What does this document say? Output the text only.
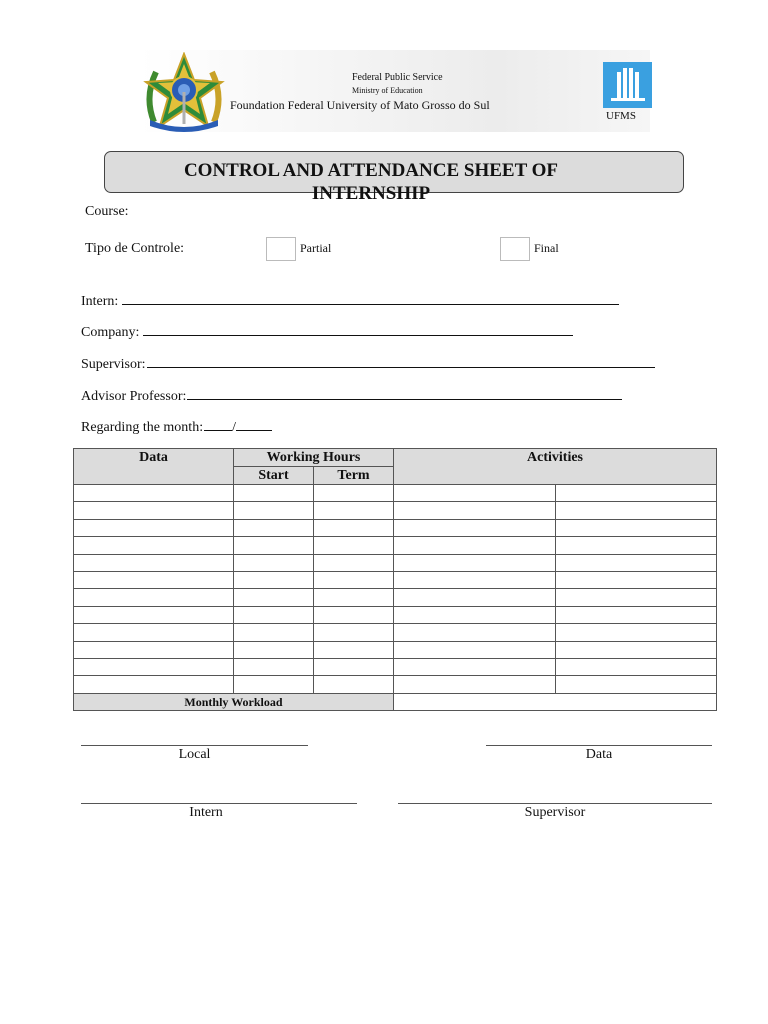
Federal Public Service
Ministry of Education
Foundation Federal University of Mato Grosso do Sul
UFMS
CONTROL AND ATTENDANCE SHEET OF INTERNSHIP
Course:
Tipo de Controle:	Partial	Final
Intern:
Company:
Supervisor:
Advisor Professor:
Regarding the month: /
Data	Working Hours		Activities	
	Start	Term		

Monthly Workload				
Local	Data
Intern	Supervisor
